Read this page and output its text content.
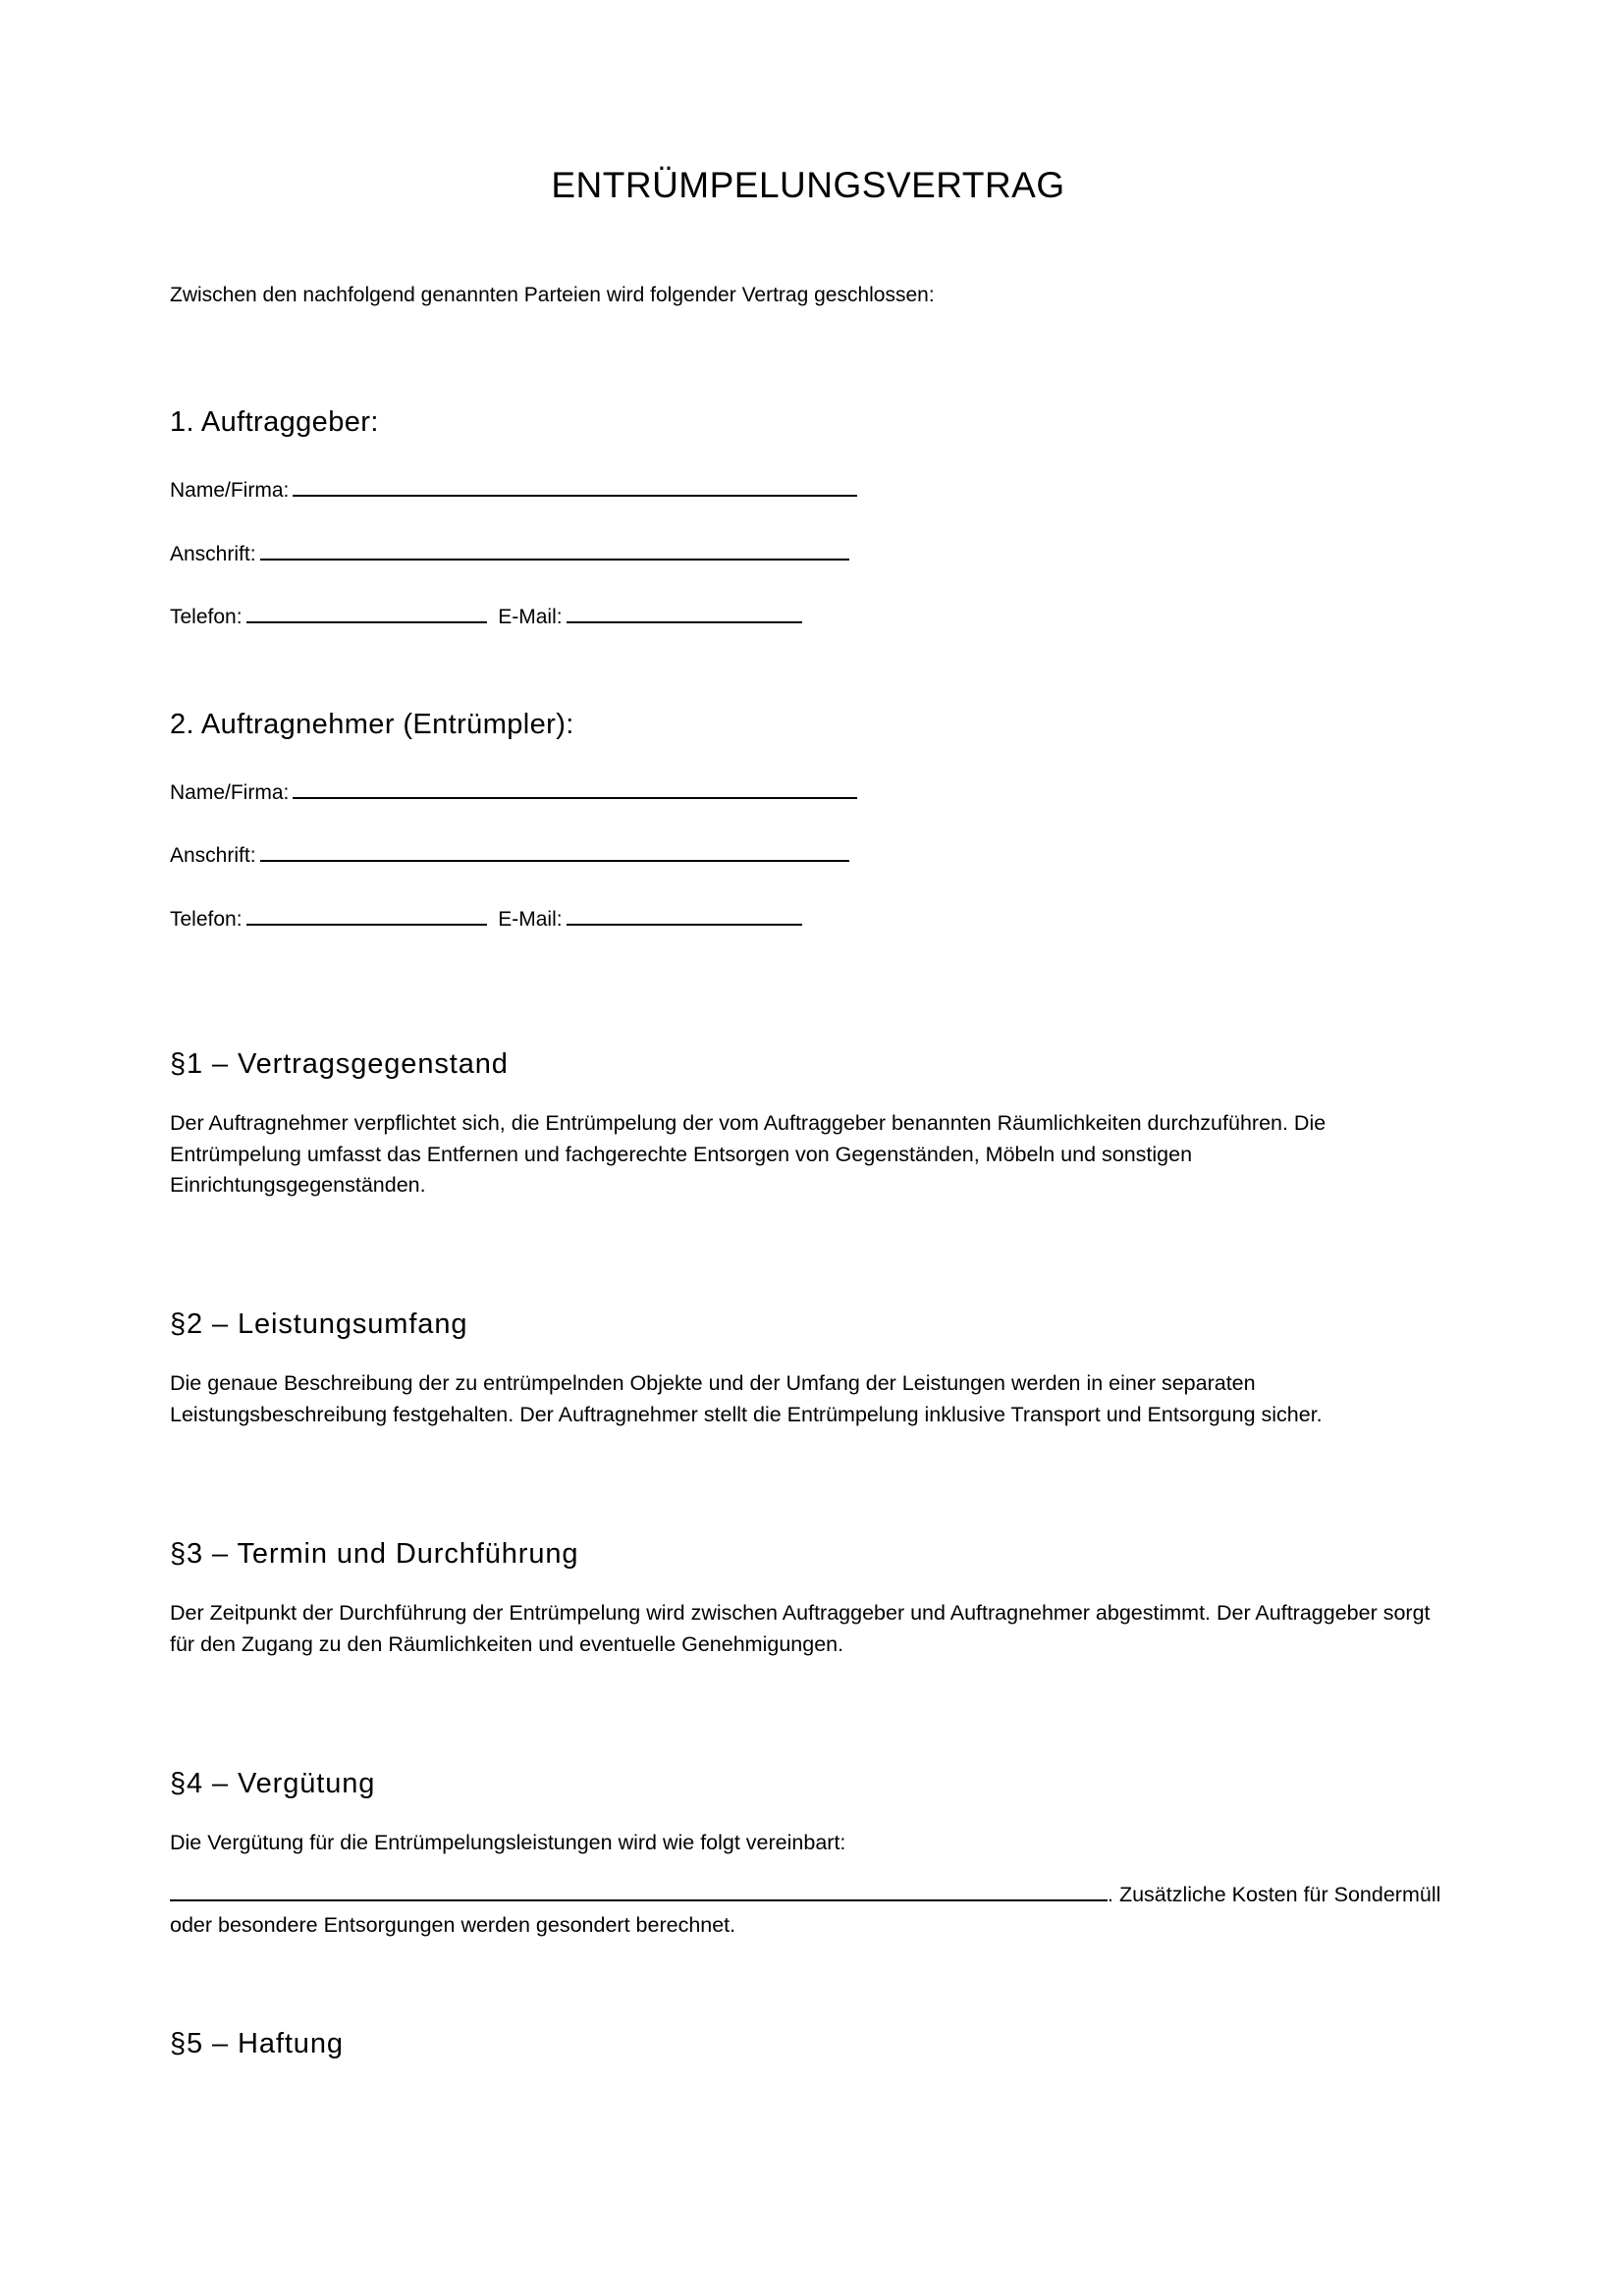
ENTRÜMPELUNGSVERTRAG

Zwischen den nachfolgend genannten Parteien wird folgender Vertrag geschlossen:

1. Auftraggeber:
Name/Firma:
Anschrift:
Telefon:	E-Mail:
2. Auftragnehmer (Entrümpler):
Name/Firma:
Anschrift:
Telefon:	E-Mail:
§1 – Vertragsgegenstand

Der Auftragnehmer verpflichtet sich, die Entrümpelung der vom Auftraggeber benannten Räumlichkeiten durchzuführen. Die Entrümpelung umfasst das Entfernen und fachgerechte Entsorgen von Gegenständen, Möbeln und sonstigen Einrichtungsgegenständen.

§2 – Leistungsumfang

Die genaue Beschreibung der zu entrümpelnden Objekte und der Umfang der Leistungen werden in einer separaten Leistungsbeschreibung festgehalten. Der Auftragnehmer stellt die Entrümpelung inklusive Transport und Entsorgung sicher.

§3 – Termin und Durchführung

Der Zeitpunkt der Durchführung der Entrümpelung wird zwischen Auftraggeber und Auftragnehmer abgestimmt. Der Auftraggeber sorgt für den Zugang zu den Räumlichkeiten und eventuelle Genehmigungen.

§4 – Vergütung

Die Vergütung für die Entrümpelungsleistungen wird wie folgt vereinbart:

. Zusätzliche Kosten für Sondermüll oder besondere Entsorgungen werden gesondert berechnet.
§5 – Haftung
